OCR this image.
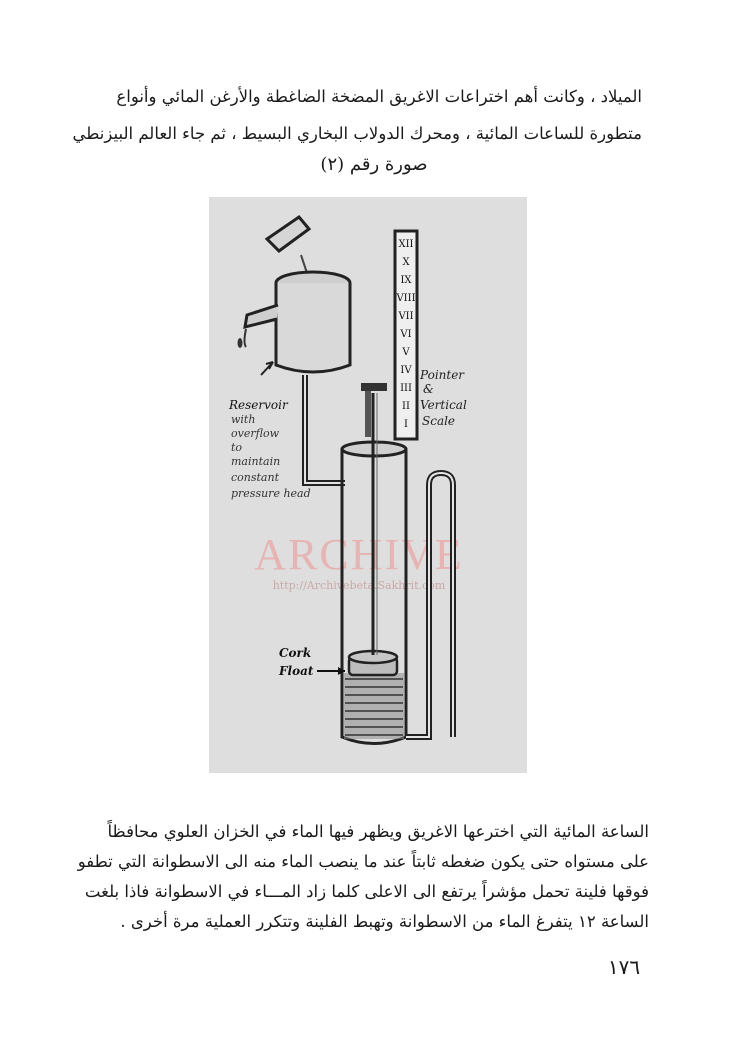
الميلاد ، وكانت أهم اختراعات الاغريق المضخة الضاغطة والأرغن المائي وأنواع
متطورة للساعات المائية ، ومحرك الدولاب البخاري البسيط ، ثم جاء العالم البيزنطي
صورة رقم (٢)
ARCHIVE
http://Archivebeta.Sakhrit.com
XII
X
IX
VIII
VII
VI
V
IV
III
II
I
Pointer
&
Vertical
Scale
Reservoir
with
overflow
to
maintain
constant
pressure head
Cork
Float
الساعة المائية التي اخترعها الاغريق ويظهر فيها الماء في الخزان العلوي محافظاً
على مستواه حتى يكون ضغطه ثابتاً عند ما ينصب الماء منه الى الاسطوانة التي تطفو
فوقها فلينة تحمل مؤشراً يرتفع الى الاعلى كلما زاد المـــاء في الاسطوانة فاذا بلغت
الساعة ١٢ يتفرغ الماء من الاسطوانة وتهبط الفلينة وتتكرر العملية مرة أخرى .
١٧٦
